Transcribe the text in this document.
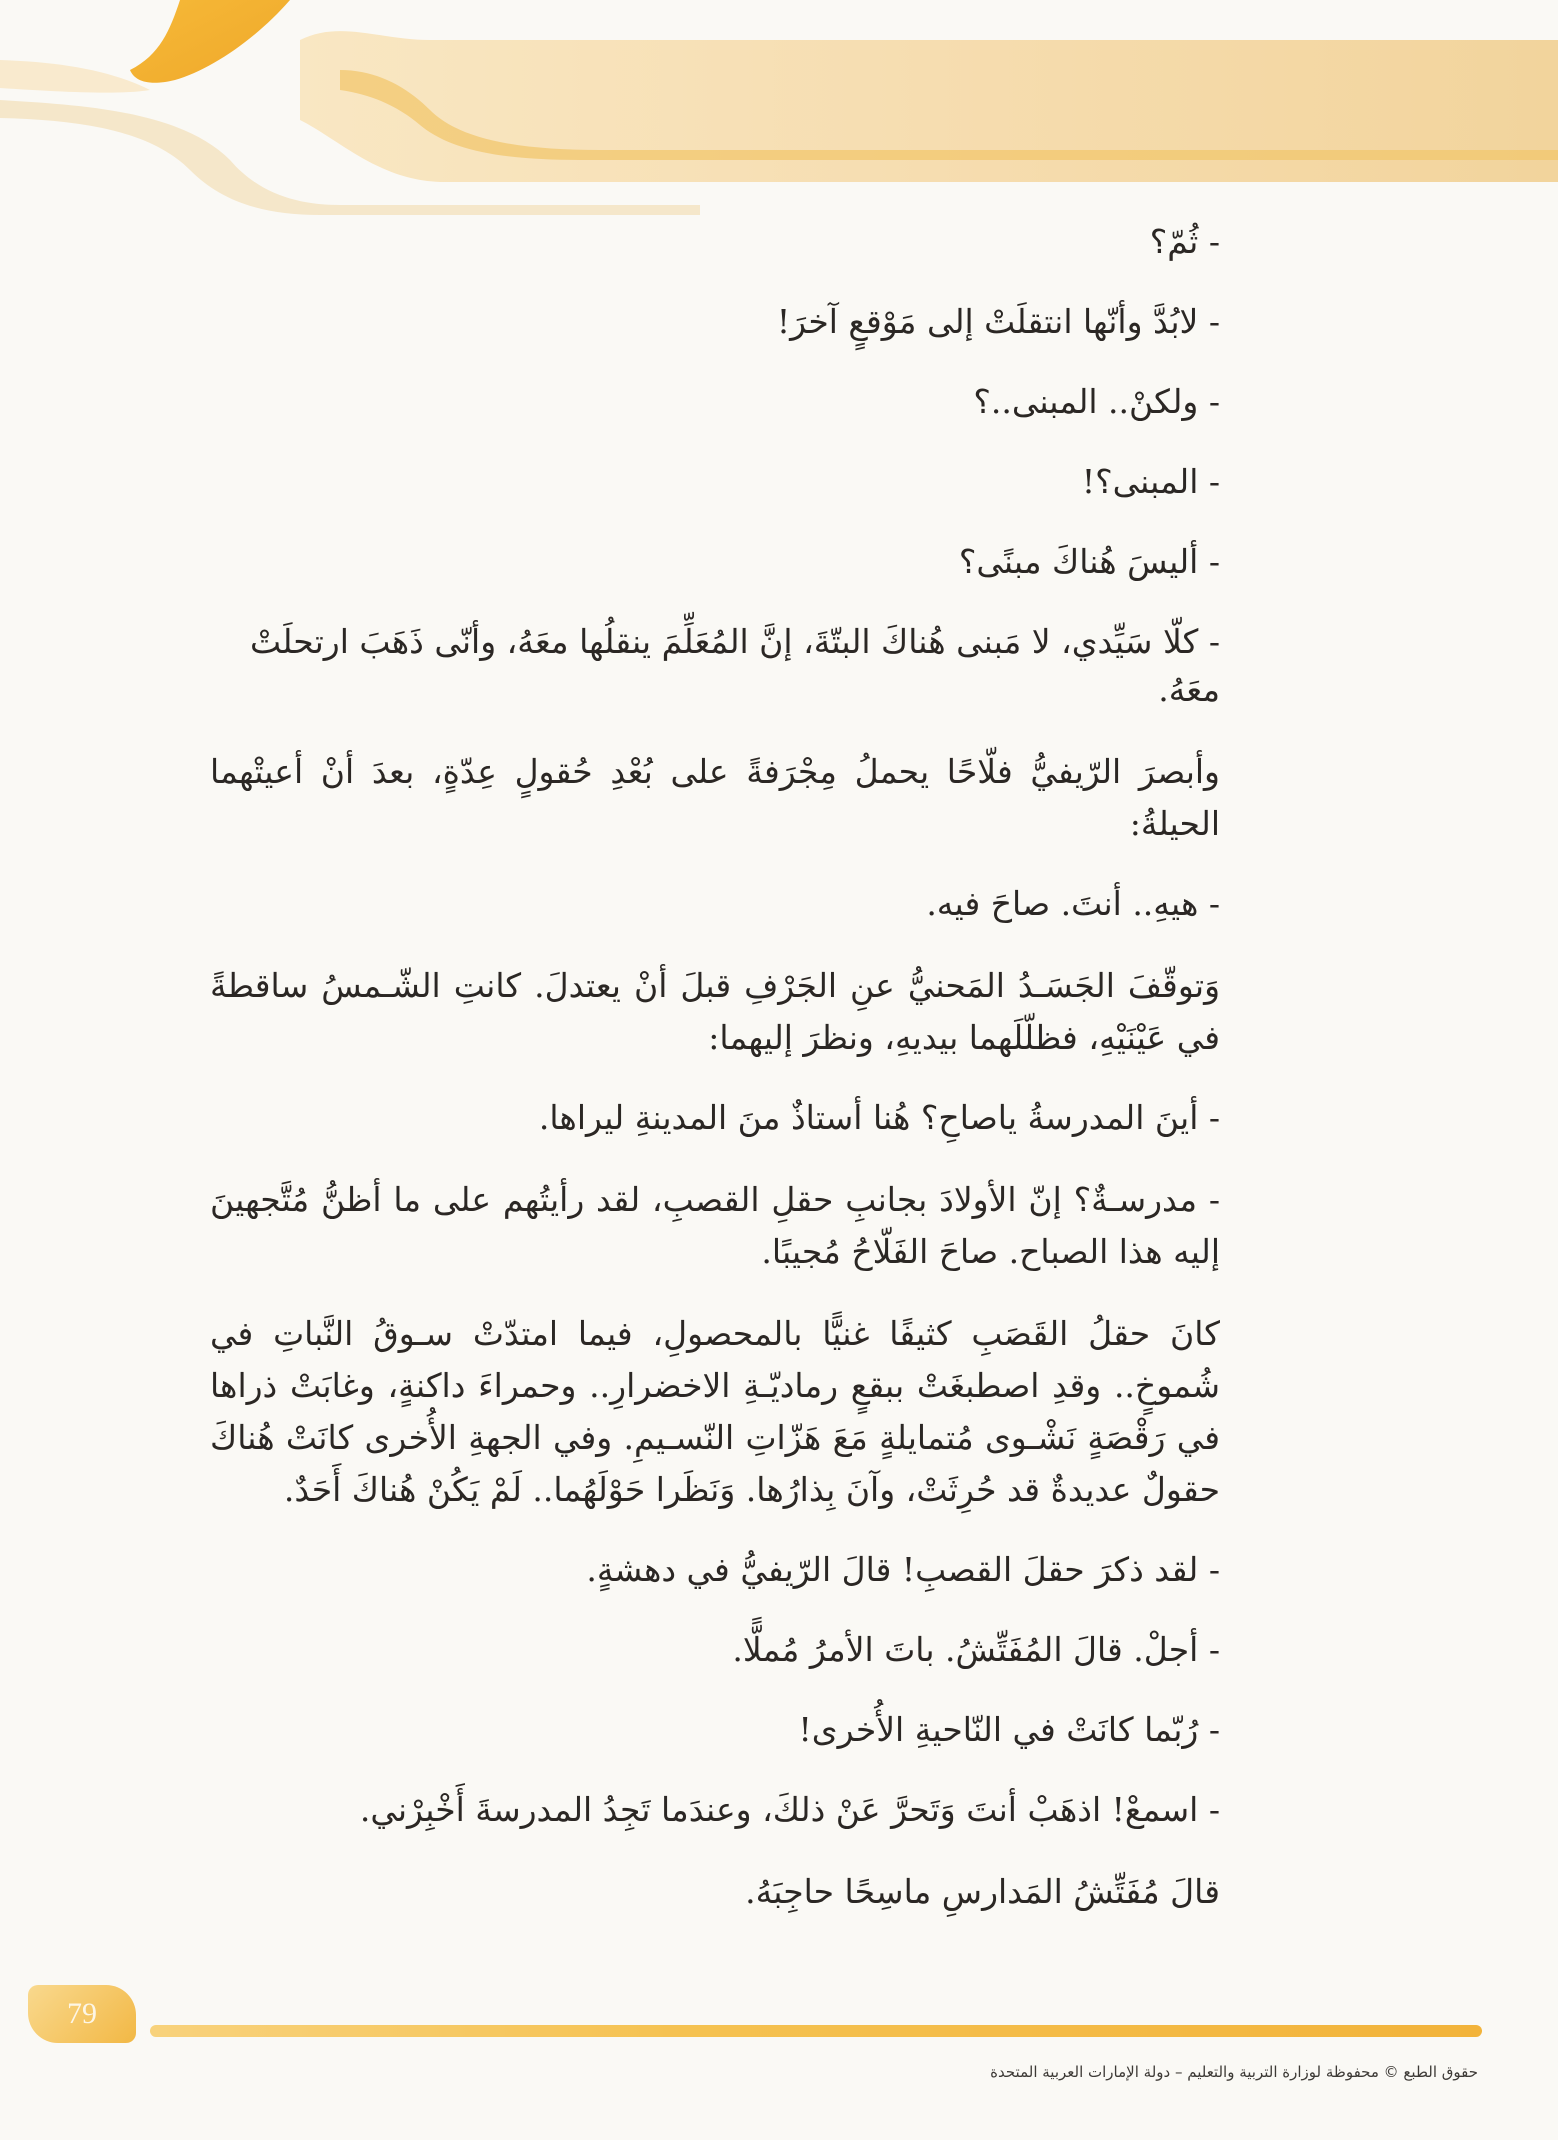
- ثُمّ؟

- لابُدَّ وأنّها انتقلَتْ إلى مَوْقعٍ آخرَ!

- ولكنْ.. المبنى..؟

- المبنى؟!

- أليسَ هُناكَ مبنًى؟

- كلّا سَيِّدي، لا مَبنى هُناكَ البتّةَ، إنَّ المُعَلِّمَ ينقلُها معَهُ، وأنّى ذَهَبَ ارتحلَتْ معَهُ.

وأبصرَ الرّيفيُّ فلّاحًا يحملُ مِجْرَفةً على بُعْدِ حُقولٍ عِدّةٍ، بعدَ أنْ أعيتْهما الحيلةُ:

- هيهِ.. أنتَ. صاحَ فيه.

وَتوقّفَ الجَسَـدُ المَحنيُّ عنِ الجَرْفِ قبلَ أنْ يعتدلَ. كانتِ الشّـمسُ ساقطةً في عَيْنَيْهِ، فظلّلَهما بيديهِ، ونظرَ إليهما:

- أينَ المدرسةُ ياصاحِ؟ هُنا أستاذٌ منَ المدينةِ ليراها.

- مدرسـةٌ؟ إنّ الأولادَ بجانبِ حقلِ القصبِ، لقد رأيتُهم على ما أظنُّ مُتَّجهينَ إليه هذا الصباح. صاحَ الفَلّاحُ مُجيبًا.

كانَ حقلُ القَصَبِ كثيفًا غنيًّا بالمحصولِ، فيما امتدّتْ سـوقُ النَّباتِ في شُموخٍ.. وقدِ اصطبغَتْ ببقعٍ رماديّـةِ الاخضرارِ.. وحمراءَ داكنةٍ، وغابَتْ ذراها في رَقْصَةٍ نَشْـوى مُتمايلةٍ مَعَ هَزّاتِ النّسـيمِ. وفي الجهةِ الأُخرى كانَتْ هُناكَ حقولٌ عديدةٌ قد حُرِثَتْ، وآنَ بِذارُها. وَنَظَرا حَوْلَهُما.. لَمْ يَكُنْ هُناكَ أَحَدٌ.

- لقد ذكرَ حقلَ القصبِ! قالَ الرّيفيُّ في دهشةٍ.

- أجلْ. قالَ المُفَتِّشُ. باتَ الأمرُ مُملًّا.

- رُبّما كانَتْ في النّاحيةِ الأُخرى!

- اسمعْ! اذهَبْ أنتَ وَتَحرَّ عَنْ ذلكَ، وعندَما تَجِدُ المدرسةَ أَخْبِرْني.

قالَ مُفَتِّشُ المَدارسِ ماسِحًا حاجِبَهُ.

79
حقوق الطبع © محفوظة لوزارة التربية والتعليم – دولة الإمارات العربية المتحدة
